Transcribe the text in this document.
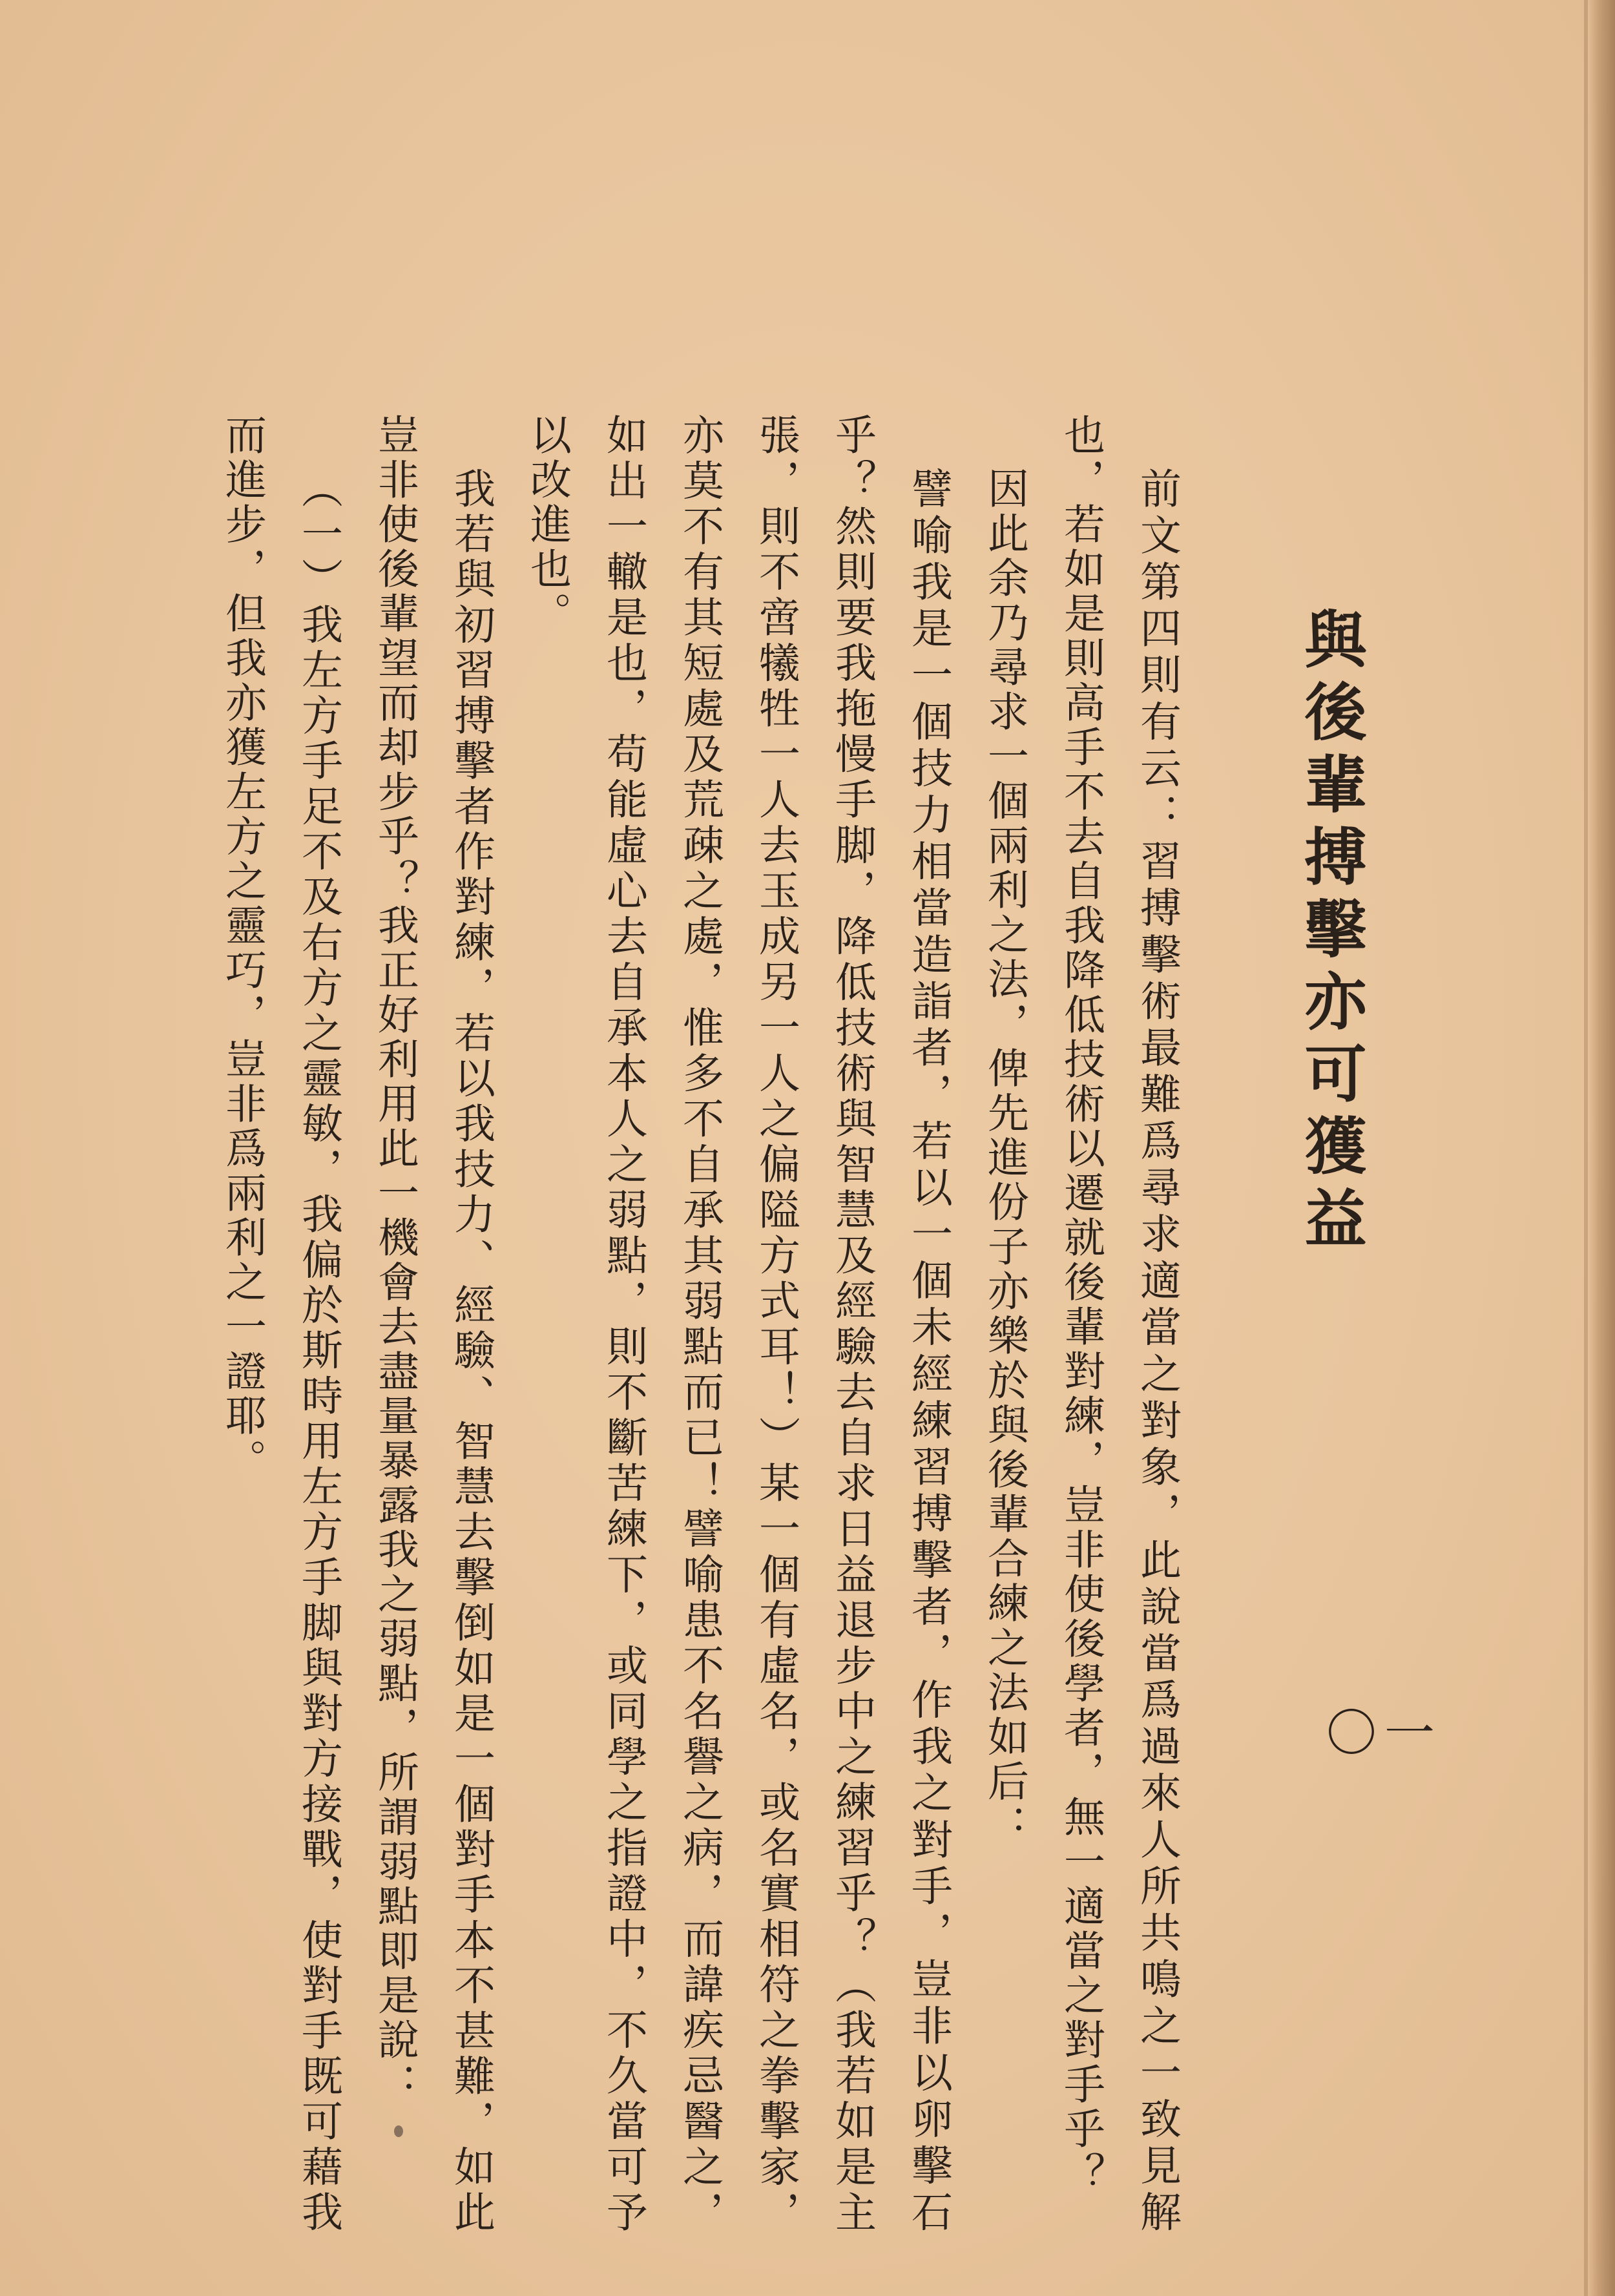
一〇
與後輩搏擊亦可獲益
前文第四則有云：習搏擊術最難爲尋求適當之對象，此說當爲過來人所共鳴之一致見解也，若如是則高手不去自我降低技術以遷就後輩對練，豈非使後學者，無一適當之對手乎？
因此余乃尋求一個兩利之法，俾先進份子亦樂於與後輩合練之法如后：
譬喻我是一個技力相當造詣者，若以一個未經練習搏擊者，作我之對手，豈非以卵擊石乎？然則要我拖慢手脚，降低技術與智慧及經驗去自求日益退步中之練習乎？（我若如是主張，則不啻犧牲一人去玉成另一人之偏隘方式耳！）某一個有虛名，或名實相符之拳擊家，亦莫不有其短處及荒疎之處，惟多不自承其弱點而已！譬喻患不名譽之病，而諱疾忌醫之，如出一轍是也，苟能虛心去自承本人之弱點，則不斷苦練下，或同學之指證中，不久當可予以改進也。
我若與初習搏擊者作對練，若以我技力、經驗、智慧去擊倒如是一個對手本不甚難，如此豈非使後輩望而却步乎？我正好利用此一機會去盡量暴露我之弱點，所謂弱點即是說：
（一）我左方手足不及右方之靈敏，我偏於斯時用左方手脚與對方接戰，使對手既可藉我而進步，但我亦獲左方之靈巧，豈非爲兩利之一證耶。
